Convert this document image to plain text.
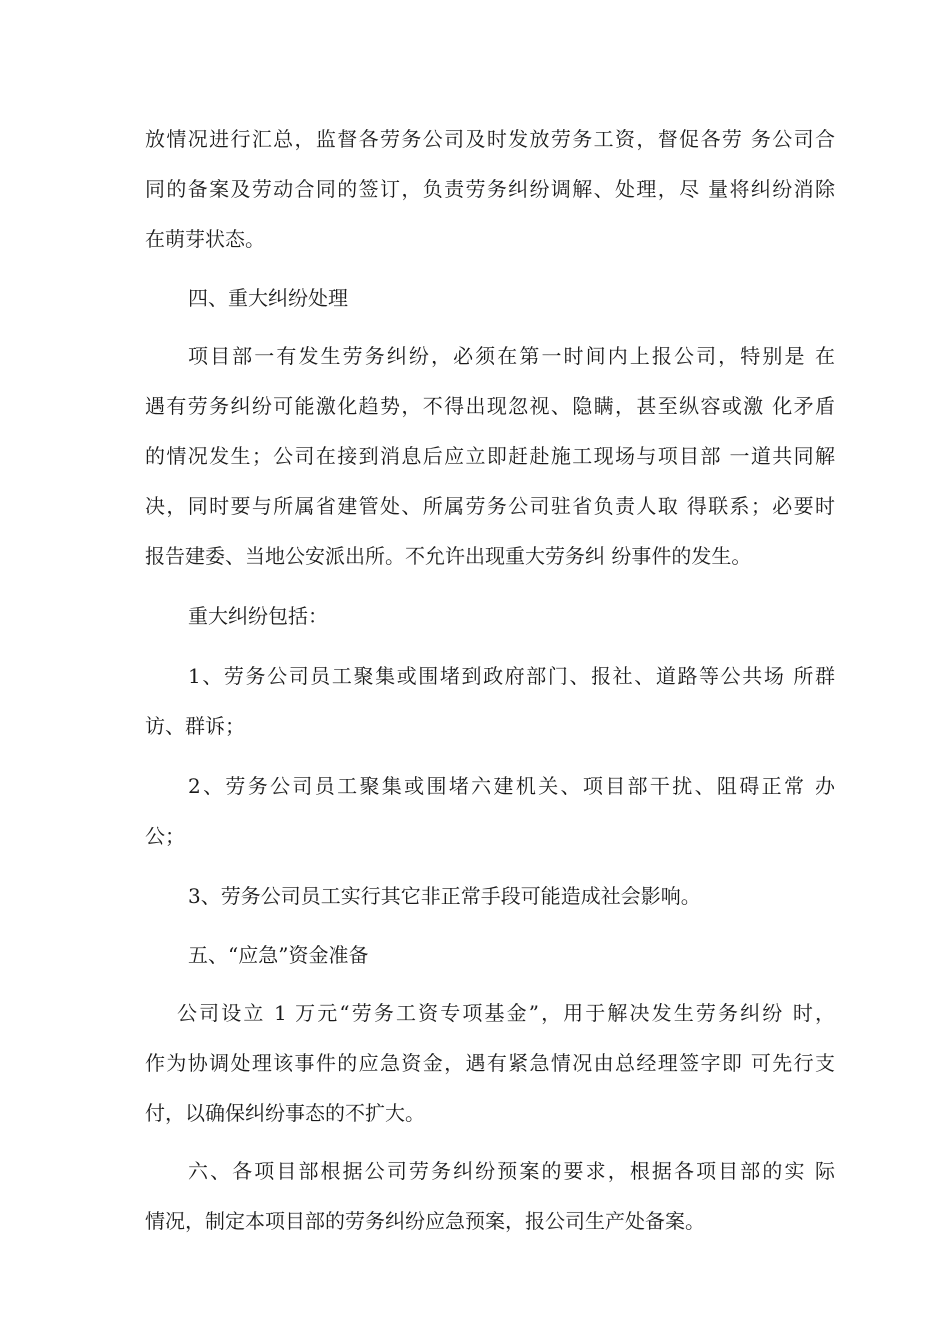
放情况进行汇总，监督各劳务公司及时发放劳务工资，督促各劳 务公司合
同的备案及劳动合同的签订，负责劳务纠纷调解、处理，尽 量将纠纷消除
在萌芽状态。
四、重大纠纷处理
项目部一有发生劳务纠纷，必须在第一时间内上报公司，特别是 在
遇有劳务纠纷可能激化趋势，不得出现忽视、隐瞒，甚至纵容或激 化矛盾
的情况发生；公司在接到消息后应立即赶赴施工现场与项目部 一道共同解
决，同时要与所属省建管处、所属劳务公司驻省负责人取 得联系；必要时
报告建委、当地公安派出所。不允许出现重大劳务纠 纷事件的发生。
重大纠纷包括：
1、劳务公司员工聚集或围堵到政府部门、报社、道路等公共场 所群
访、群诉；
2、劳务公司员工聚集或围堵六建机关、项目部干扰、阻碍正常 办
公；
3、劳务公司员工实行其它非正常手段可能造成社会影响。
五、“应急”资金准备
公司设立 1 万元“劳务工资专项基金”，用于解决发生劳务纠纷 时，
作为协调处理该事件的应急资金，遇有紧急情况由总经理签字即 可先行支
付，以确保纠纷事态的不扩大。
六、各项目部根据公司劳务纠纷预案的要求，根据各项目部的实 际
情况，制定本项目部的劳务纠纷应急预案，报公司生产处备案。
